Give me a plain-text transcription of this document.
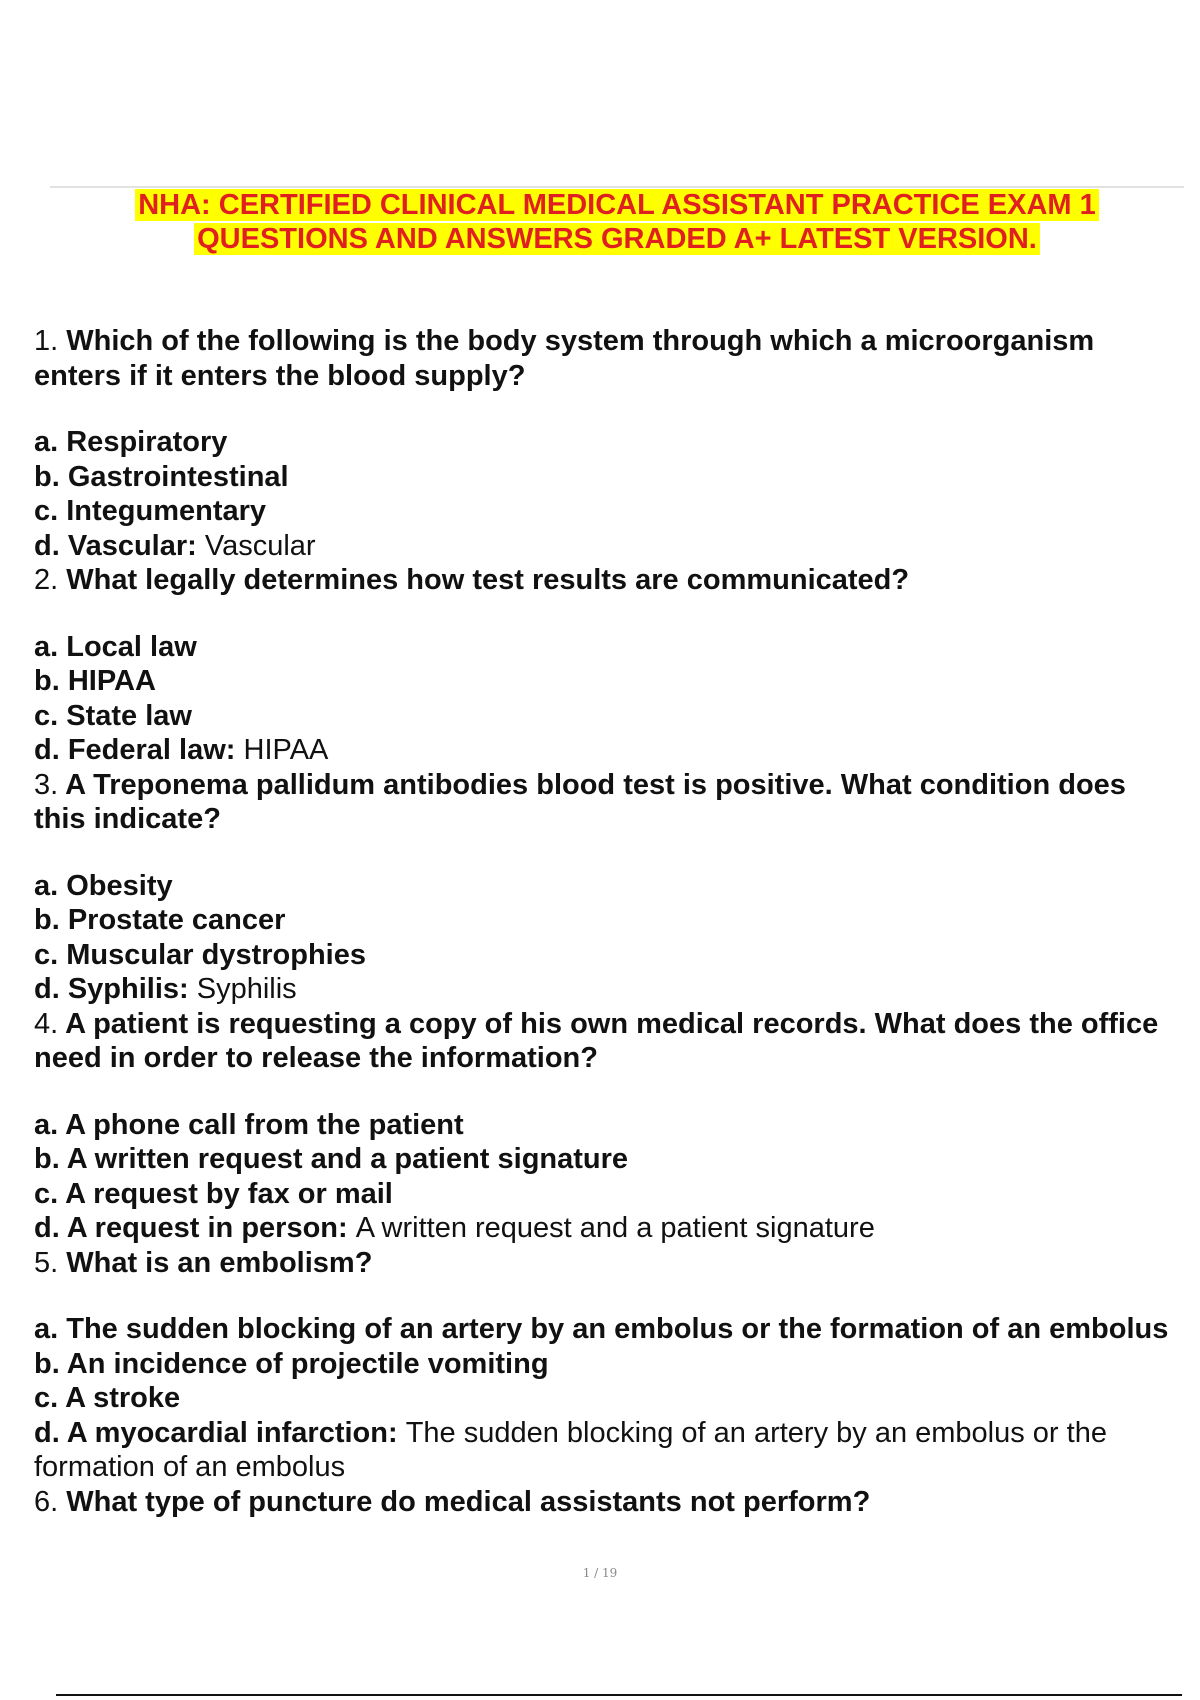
NHA: CERTIFIED CLINICAL MEDICAL ASSISTANT PRACTICE EXAM 1
QUESTIONS AND ANSWERS GRADED A+ LATEST VERSION.

1. Which of the following is the body system through which a microorganism enters if it enters the blood supply?

a. Respiratory

b. Gastrointestinal

c. Integumentary

d. Vascular: Vascular

2. What legally determines how test results are communicated?

a. Local law

b. HIPAA

c. State law

d. Federal law: HIPAA

3. A Treponema pallidum antibodies blood test is positive. What condition does this indicate?

a. Obesity

b. Prostate cancer

c. Muscular dystrophies

d. Syphilis: Syphilis

4. A patient is requesting a copy of his own medical records. What does the office need in order to release the information?

a. A phone call from the patient

b. A written request and a patient signature

c. A request by fax or mail

d. A request in person: A written request and a patient signature

5. What is an embolism?

a. The sudden blocking of an artery by an embolus or the formation of an embolus

b. An incidence of projectile vomiting

c. A stroke

d. A myocardial infarction: The sudden blocking of an artery by an embolus or the formation of an embolus

6. What type of puncture do medical assistants not perform?

1 / 19
